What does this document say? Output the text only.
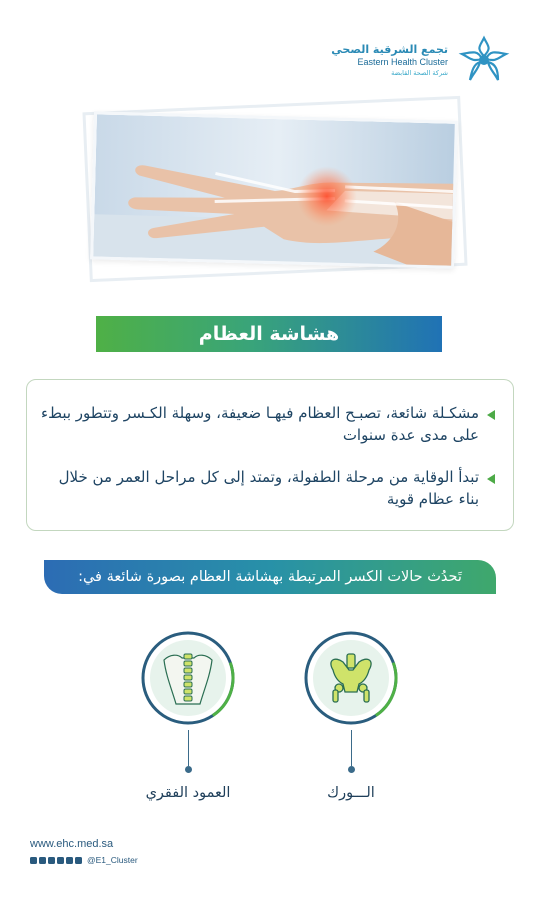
تجمع الشرقية الصحي
Eastern Health Cluster
شركة الصحة القابضة
هشاشة العظام
مشكـلة شائعة، تصبـح العظام فيهـا ضعيفة، وسهلة الكـسر وتتطور ببطء على مدى عدة سنوات
تبدأ الوقاية من مرحلة الطفولة، وتمتد إلى كل مراحل العمر من خلال بناء عظام قوية
تَحدُث حالات الكسر المرتبطة بهشاشة العظام بصورة شائعة في:
الـــورك
العمود الفقري
www.ehc.med.sa
@E1_Cluster
